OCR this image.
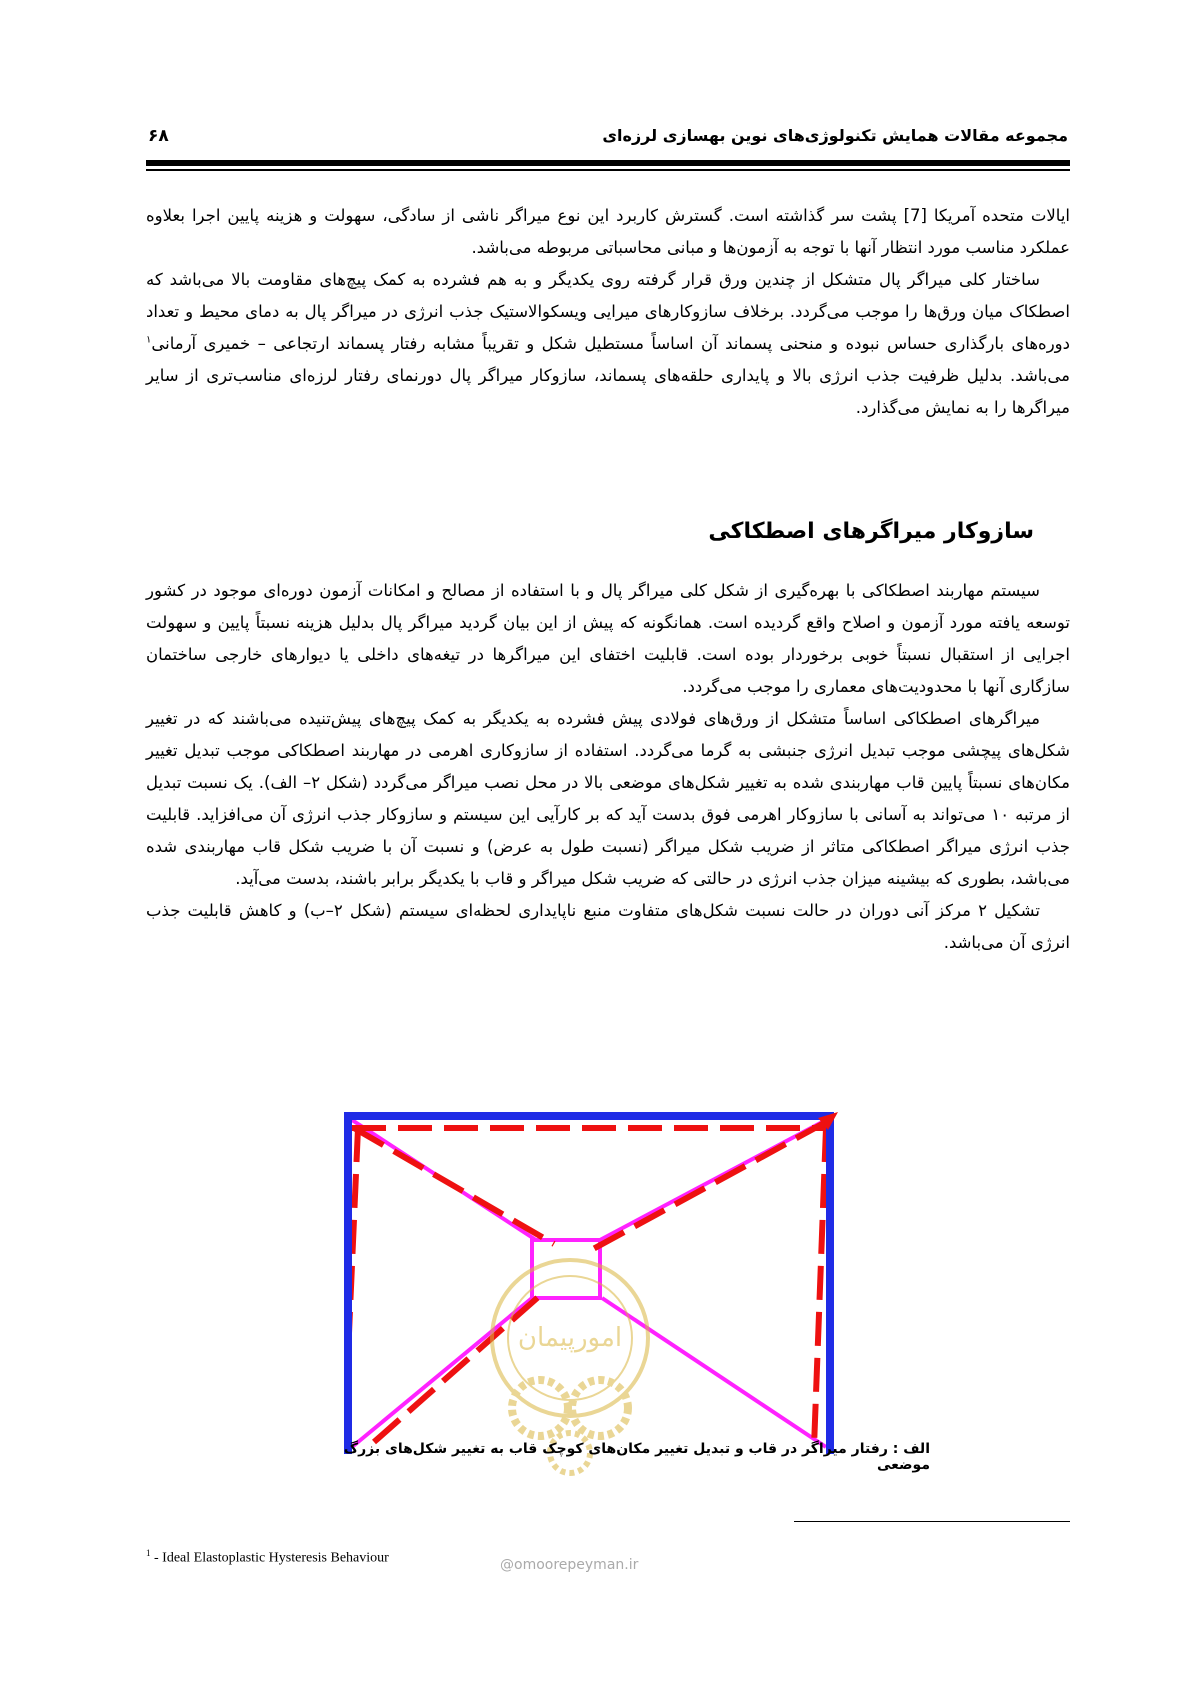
۶۸	مجموعه مقالات همایش تکنولوژی‌های نوین بهسازی لرزه‌ای

ایالات متحده آمریکا [7] پشت سر گذاشته است. گسترش کاربرد این نوع میراگر ناشی از سادگی، سهولت و هزینه پایین اجرا بعلاوه عملکرد مناسب مورد انتظار آنها با توجه به آزمون‌ها و مبانی محاسباتی مربوطه می‌باشد.

ساختار کلی میراگر پال متشکل از چندین ورق قرار گرفته روی یکدیگر و به هم فشرده به کمک پیچ‌های مقاومت بالا می‌باشد که اصطکاک میان ورق‌ها را موجب می‌گردد. برخلاف سازوکارهای میرایی ویسکوالاستیک جذب انرژی در میراگر پال به دمای محیط و تعداد دوره‌های بارگذاری حساس نبوده و منحنی پسماند آن اساساً مستطیل شکل و تقریباً مشابه رفتار پسماند ارتجاعی – خمیری آرمانی$^۱$ می‌باشد. بدلیل ظرفیت جذب انرژی بالا و پایداری حلقه‌های پسماند، سازوکار میراگر پال دورنمای رفتار لرزه‌ای مناسب‌تری از سایر میراگرها را به نمایش می‌گذارد.

سازوکار میراگرهای اصطکاکی

سیستم مهاربند اصطکاکی با بهره‌گیری از شکل کلی میراگر پال و با استفاده از مصالح و امکانات آزمون دوره‌ای موجود در کشور توسعه یافته مورد آزمون و اصلاح واقع گردیده است. همانگونه که پیش از این بیان گردید میراگر پال بدلیل هزینه نسبتاً پایین و سهولت اجرایی از استقبال نسبتاً خوبی برخوردار بوده است. قابلیت اختفای این میراگرها در تیغه‌های داخلی یا دیوارهای خارجی ساختمان سازگاری آنها با محدودیت‌های معماری را موجب می‌گردد.

میراگرهای اصطکاکی اساساً متشکل از ورق‌های فولادی پیش فشرده به یکدیگر به کمک پیچ‌های پیش‌تنیده می‌باشند که در تغییر شکل‌های پیچشی موجب تبدیل انرژی جنبشی به گرما می‌گردد. استفاده از سازوکاری اهرمی در مهاربند اصطکاکی موجب تبدیل تغییر مکان‌های نسبتاً پایین قاب مهاربندی شده به تغییر شکل‌های موضعی بالا در محل نصب میراگر می‌گردد (شکل ۲– الف). یک نسبت تبدیل از مرتبه ۱۰ می‌تواند به آسانی با سازوکار اهرمی فوق بدست آید که بر کارآیی این سیستم و سازوکار جذب انرژی آن می‌افزاید. قابلیت جذب انرژی میراگر اصطکاکی متاثر از ضریب شکل میراگر (نسبت طول به عرض) و نسبت آن با ضریب شکل قاب مهاربندی شده می‌باشد، بطوری که بیشینه میزان جذب انرژی در حالتی که ضریب شکل میراگر و قاب با یکدیگر برابر باشند، بدست می‌آید.

تشکیل ۲ مرکز آنی دوران در حالت نسبت شکل‌های متفاوت منبع ناپایداری لحظه‌ای سیستم (شکل ۲–ب) و کاهش قابلیت جذب انرژی آن می‌باشد.

امورپیمان
الف : رفتار میراگر در قاب و تبدیل تغییر مکان‌های کوچک قاب به تغییر شکل‌های بزرگ موضعی
$^1$ - Ideal Elastoplastic Hysteresis Behaviour	@omoorepeyman.ir
